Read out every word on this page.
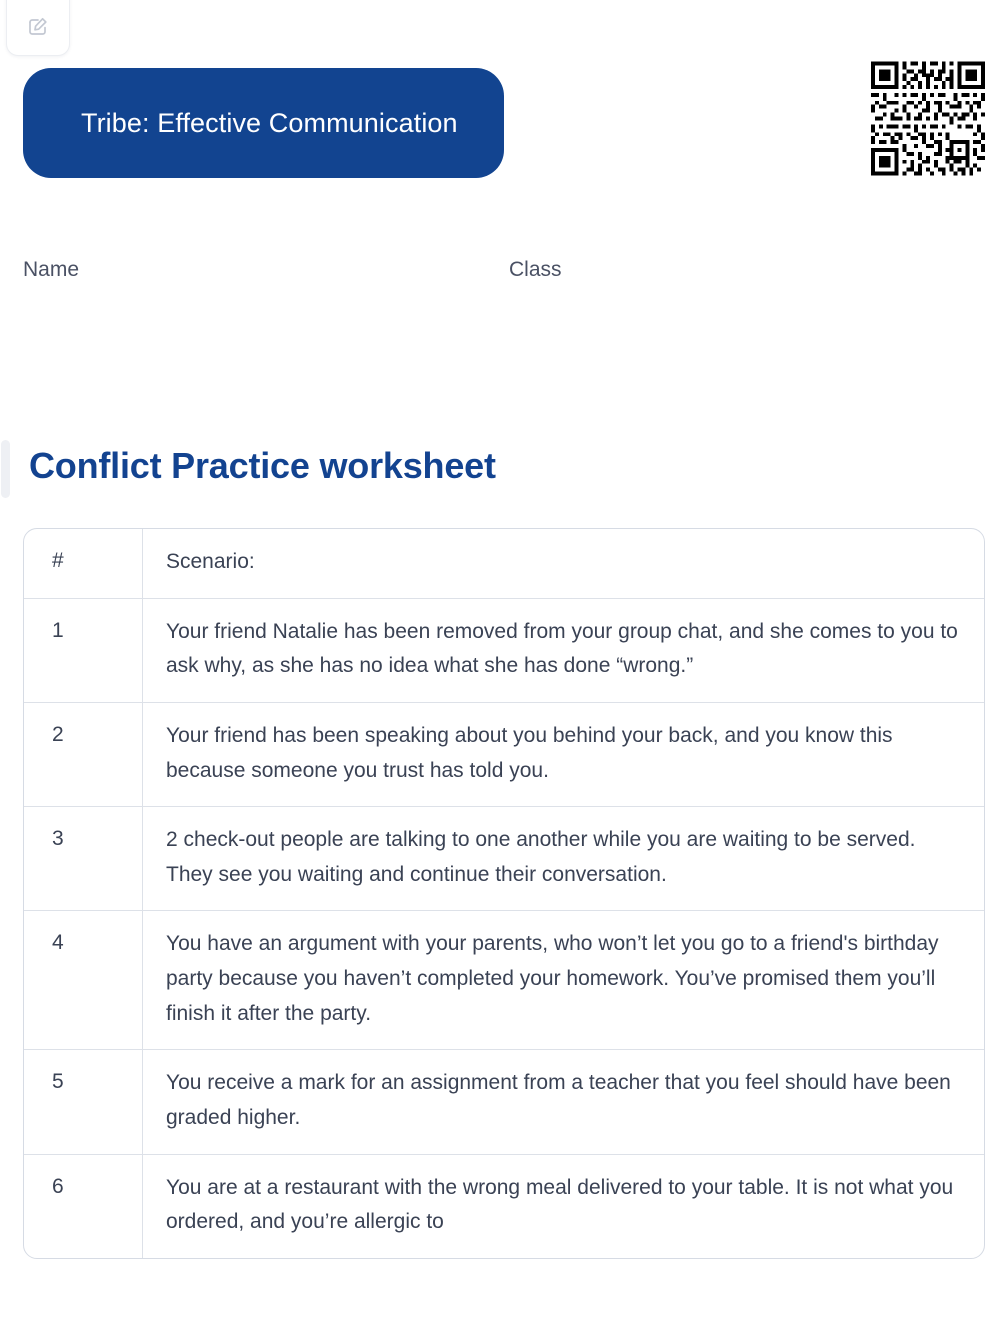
Tribe: Effective Communication
Name	Class
Conflict Practice worksheet
#	Scenario:
1	Your friend Natalie has been removed from your group chat, and she comes to you to ask why, as she has no idea what she has done “wrong.”
2	Your friend has been speaking about you behind your back, and you know this because someone you trust has told you.
3	2 check-out people are talking to one another while you are waiting to be served. They see you waiting and continue their conversation.
4	You have an argument with your parents, who won’t let you go to a friend's birthday party because you haven’t completed your homework. You’ve promised them you’ll finish it after the party.
5	You receive a mark for an assignment from a teacher that you feel should have been graded higher.
6	You are at a restaurant with the wrong meal delivered to your table. It is not what you ordered, and you’re allergic to
